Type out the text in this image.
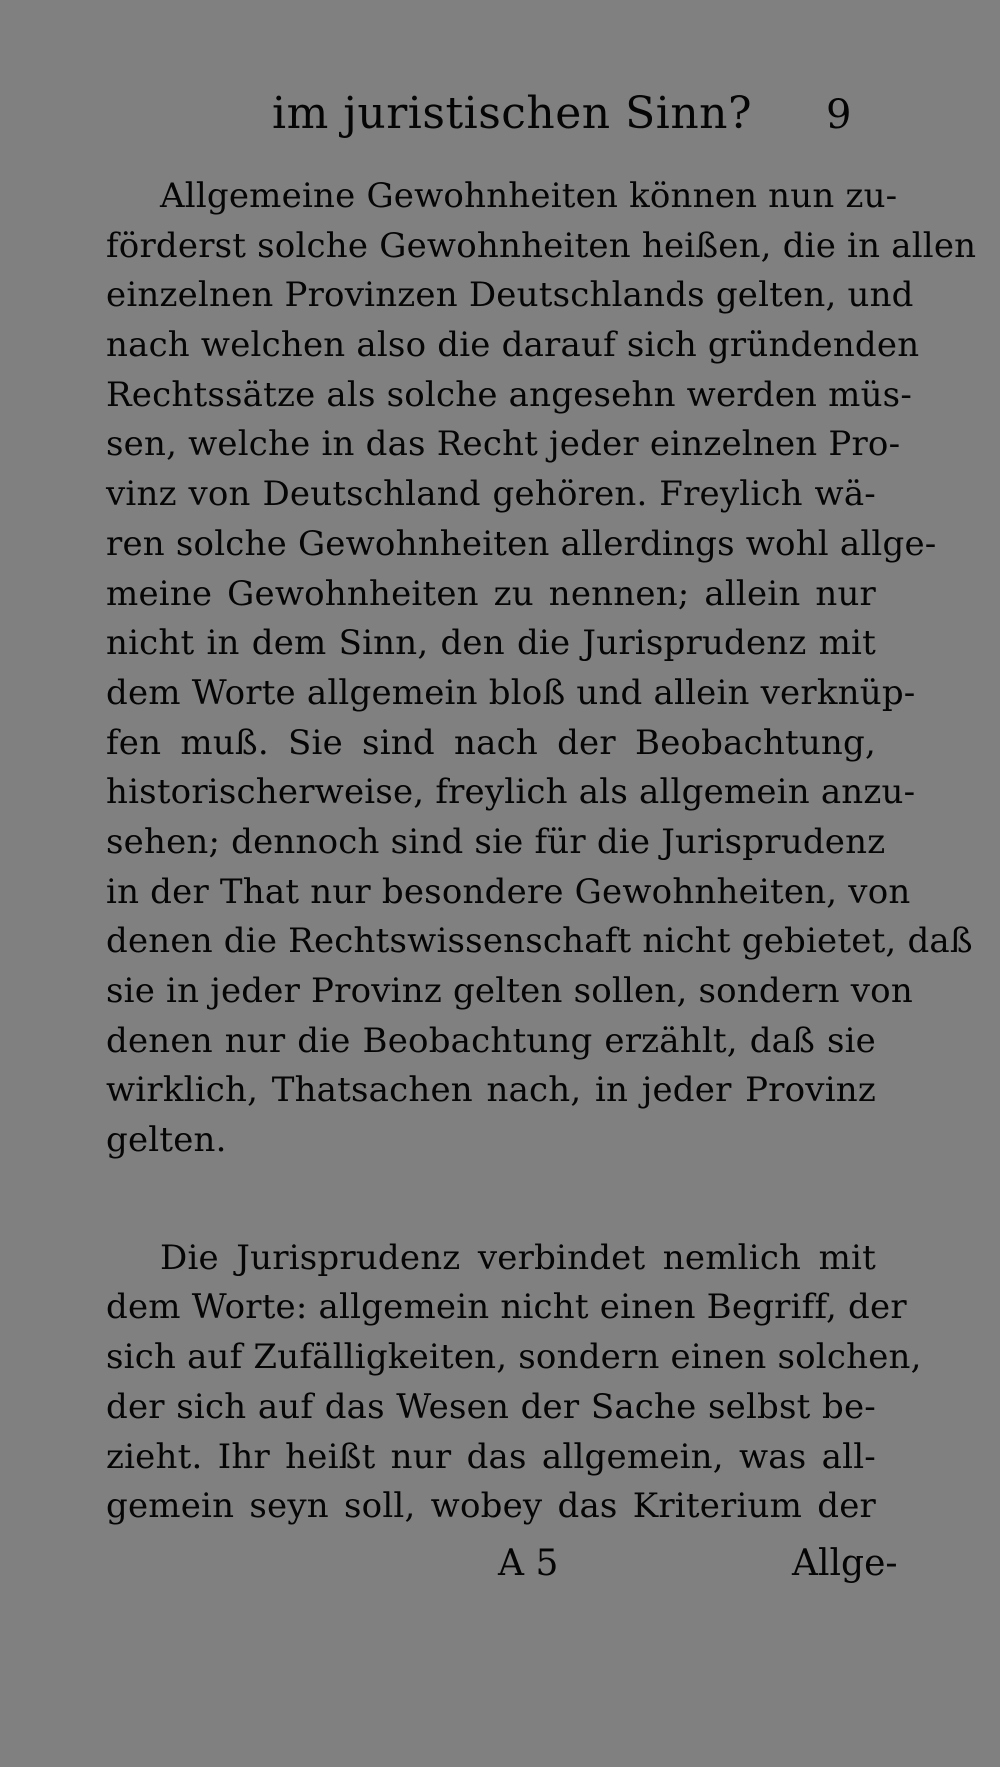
im juristischen Sinn? 9
Allgemeine Gewohnheiten können nun zu-
förderst solche Gewohnheiten heißen, die in allen
einzelnen Provinzen Deutschlands gelten, und
nach welchen also die darauf sich gründenden
Rechtssätze als solche angesehn werden müs-
sen, welche in das Recht jeder einzelnen Pro-
vinz von Deutschland gehören. Freylich wä-
ren solche Gewohnheiten allerdings wohl allge-
meine Gewohnheiten zu nennen; allein nur
nicht in dem Sinn, den die Jurisprudenz mit
dem Worte allgemein bloß und allein verknüp-
fen muß. Sie sind nach der Beobachtung,
historischerweise, freylich als allgemein anzu-
sehen; dennoch sind sie für die Jurisprudenz
in der That nur besondere Gewohnheiten, von
denen die Rechtswissenschaft nicht gebietet, daß
sie in jeder Provinz gelten sollen, sondern von
denen nur die Beobachtung erzählt, daß sie
wirklich, Thatsachen nach, in jeder Provinz
gelten.
Die Jurisprudenz verbindet nemlich mit
dem Worte: allgemein nicht einen Begriff, der
sich auf Zufälligkeiten, sondern einen solchen,
der sich auf das Wesen der Sache selbst be-
zieht. Ihr heißt nur das allgemein, was all-
gemein seyn soll, wobey das Kriterium der
A 5	Allge-
